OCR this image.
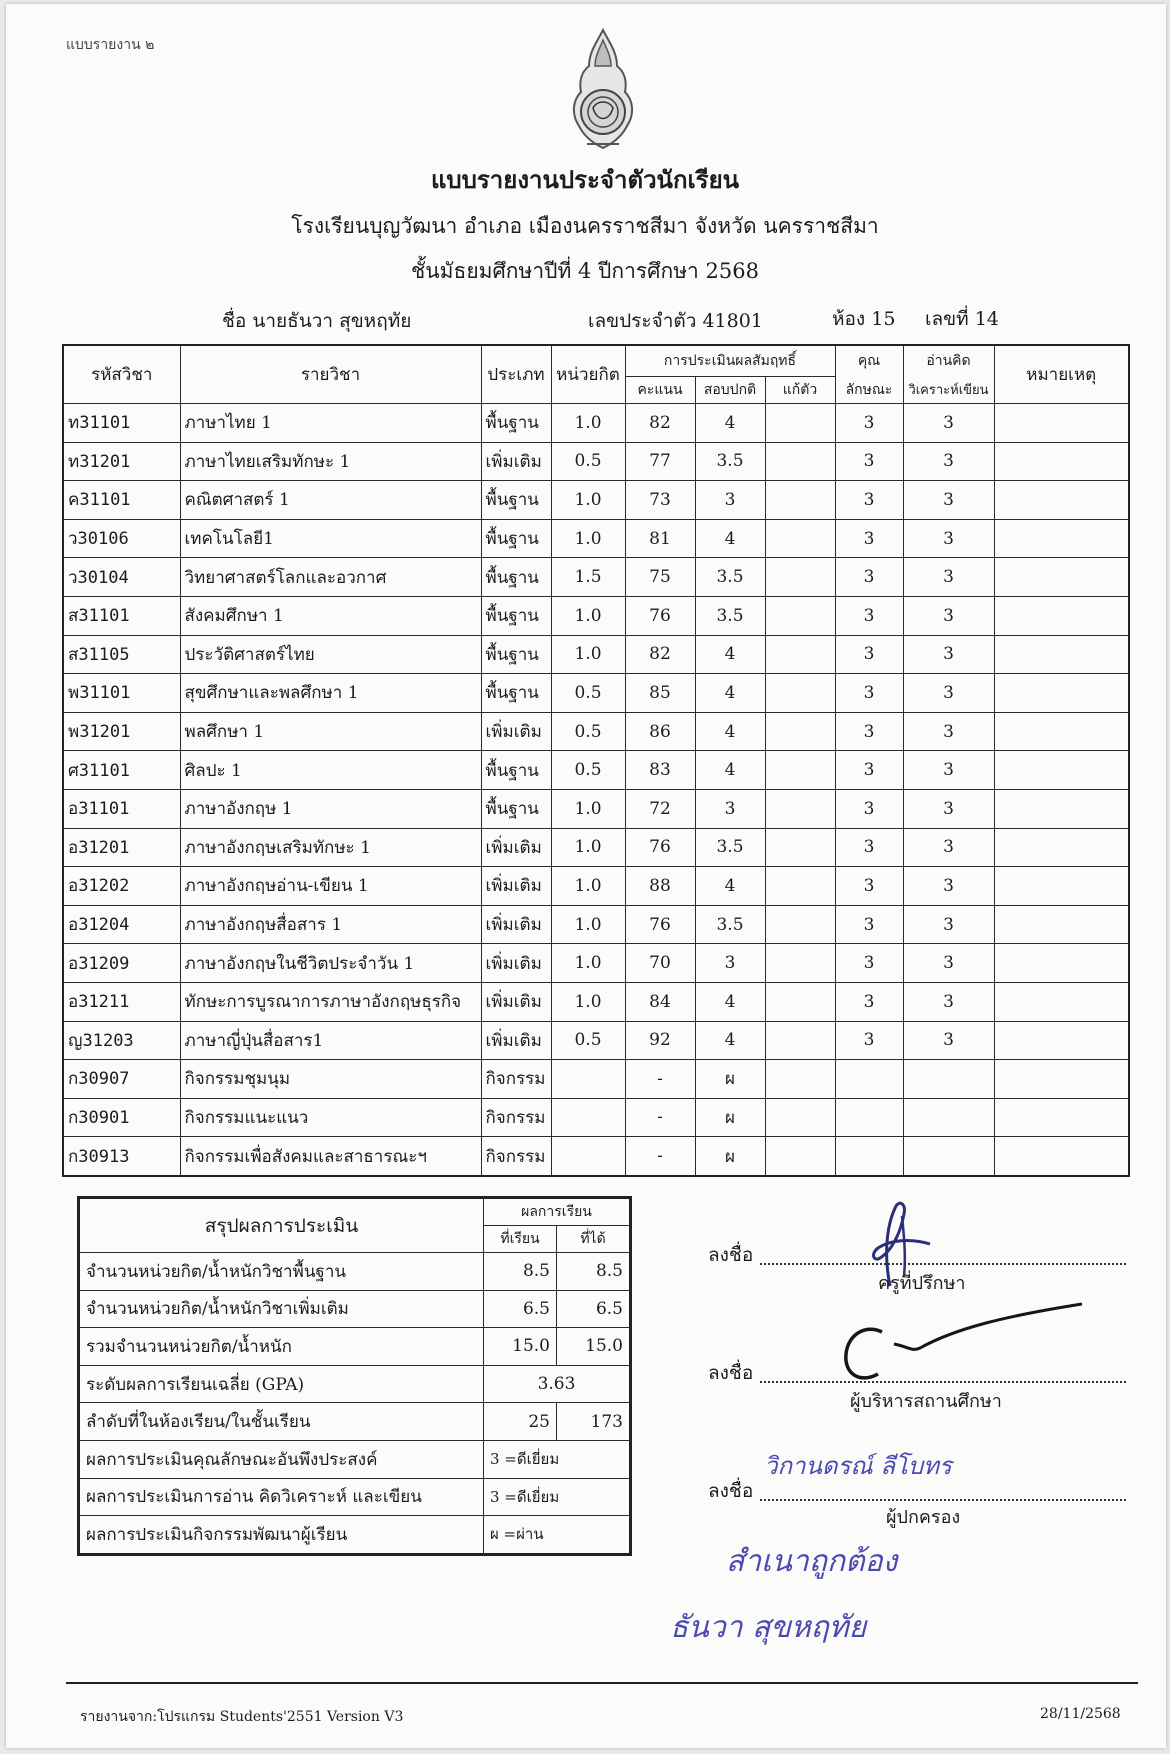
แบบรายงาน ๒
แบบรายงานประจำตัวนักเรียน
โรงเรียนบุญวัฒนา อำเภอ เมืองนครราชสีมา จังหวัด นครราชสีมา
ชั้นมัธยมศึกษาปีที่ 4 ปีการศึกษา 2568
ชื่อ นายธันวา สุขหฤทัย	เลขประจำตัว 41801	ห้อง 15 เลขที่ 14
รหัสวิชา	รายวิชา	ประเภท	หน่วยกิต	การประเมินผลสัมฤทธิ์			คุณ	อ่านคิด	หมายเหตุ
				คะแนน	สอบปกติ	แก้ตัว	ลักษณะ	วิเคราะห์เขียน	
ท31101	ภาษาไทย 1	พื้นฐาน	1.0	82	4		3	3	
ท31201	ภาษาไทยเสริมทักษะ 1	เพิ่มเติม	0.5	77	3.5		3	3	
ค31101	คณิตศาสตร์ 1	พื้นฐาน	1.0	73	3		3	3	
ว30106	เทคโนโลยี1	พื้นฐาน	1.0	81	4		3	3	
ว30104	วิทยาศาสตร์โลกและอวกาศ	พื้นฐาน	1.5	75	3.5		3	3	
ส31101	สังคมศึกษา 1	พื้นฐาน	1.0	76	3.5		3	3	
ส31105	ประวัติศาสตร์ไทย	พื้นฐาน	1.0	82	4		3	3	
พ31101	สุขศึกษาและพลศึกษา 1	พื้นฐาน	0.5	85	4		3	3	
พ31201	พลศึกษา 1	เพิ่มเติม	0.5	86	4		3	3	
ศ31101	ศิลปะ 1	พื้นฐาน	0.5	83	4		3	3	
อ31101	ภาษาอังกฤษ 1	พื้นฐาน	1.0	72	3		3	3	
อ31201	ภาษาอังกฤษเสริมทักษะ 1	เพิ่มเติม	1.0	76	3.5		3	3	
อ31202	ภาษาอังกฤษอ่าน-เขียน 1	เพิ่มเติม	1.0	88	4		3	3	
อ31204	ภาษาอังกฤษสื่อสาร 1	เพิ่มเติม	1.0	76	3.5		3	3	
อ31209	ภาษาอังกฤษในชีวิตประจำวัน 1	เพิ่มเติม	1.0	70	3		3	3	
อ31211	ทักษะการบูรณาการภาษาอังกฤษธุรกิจ	เพิ่มเติม	1.0	84	4		3	3	
ญ31203	ภาษาญี่ปุ่นสื่อสาร1	เพิ่มเติม	0.5	92	4		3	3	
ก30907	กิจกรรมชุมนุม	กิจกรรม		-	ผ				
ก30901	กิจกรรมแนะแนว	กิจกรรม		-	ผ				
ก30913	กิจกรรมเพื่อสังคมและสาธารณะฯ	กิจกรรม		-	ผ				
สรุปผลการประเมิน	ผลการเรียน	
	ที่เรียน	ที่ได้
จำนวนหน่วยกิต/น้ำหนักวิชาพื้นฐาน	8.5	8.5
จำนวนหน่วยกิต/น้ำหนักวิชาเพิ่มเติม	6.5	6.5
รวมจำนวนหน่วยกิต/น้ำหนัก	15.0	15.0
ระดับผลการเรียนเฉลี่ย (GPA)	3.63	
ลำดับที่ในห้องเรียน/ในชั้นเรียน	25	173
ผลการประเมินคุณลักษณะอันพึงประสงค์	3 =ดีเยี่ยม	
ผลการประเมินการอ่าน คิดวิเคราะห์ และเขียน	3 =ดีเยี่ยม	
ผลการประเมินกิจกรรมพัฒนาผู้เรียน	ผ =ผ่าน	
ลงชื่อ
ครูที่ปรึกษา
ลงชื่อ
ผู้บริหารสถานศึกษา
ลงชื่อ
วิกานดรณ์ ลีโบทร
ผู้ปกครอง
สำเนาถูกต้อง
ธันวา สุขหฤทัย
รายงานจาก:โปรแกรม Students'2551 Version V3	28/11/2568
